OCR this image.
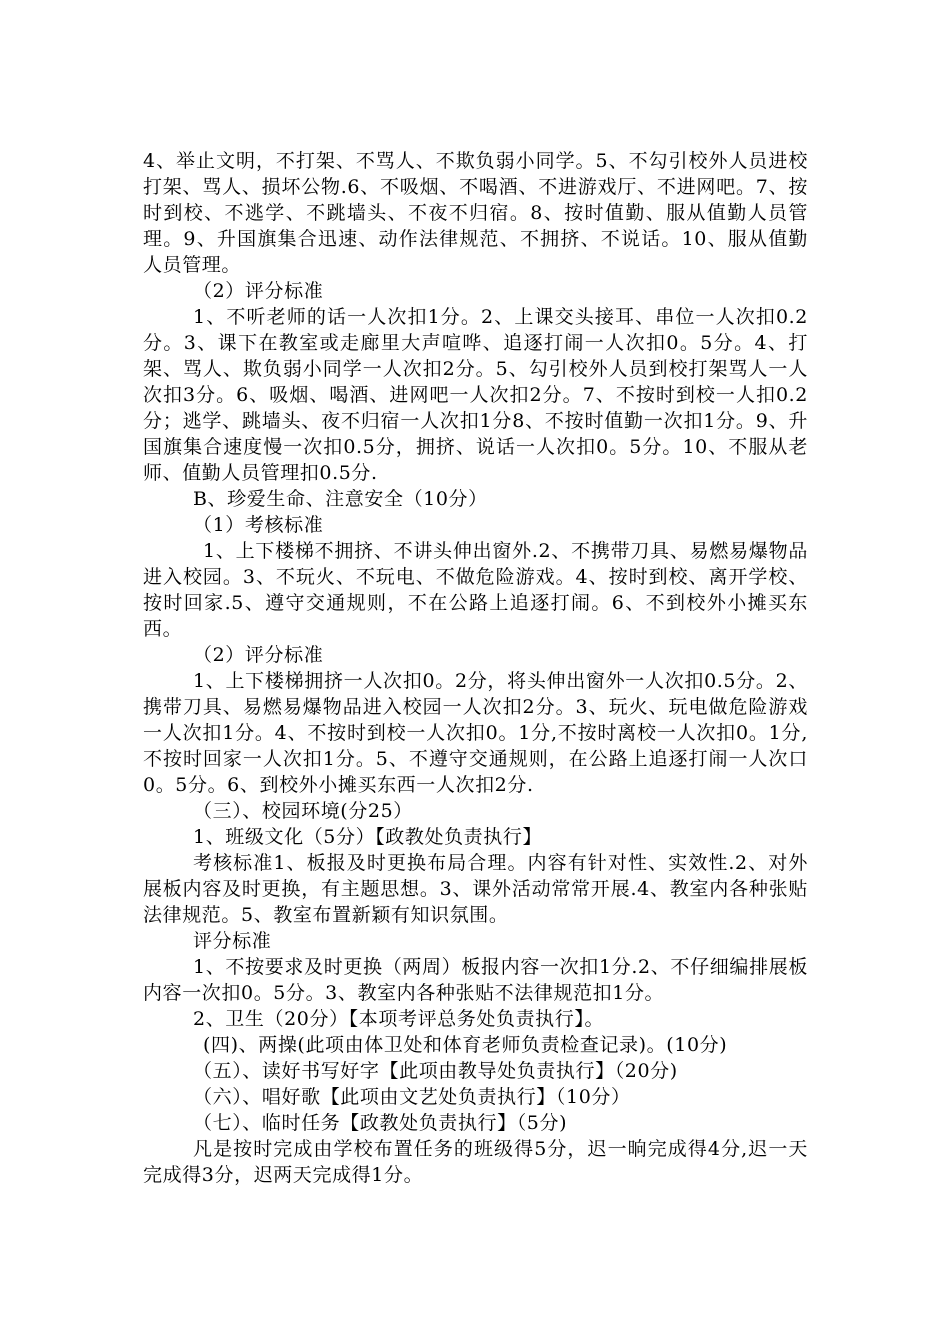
4、举止文明，不打架、不骂人、不欺负弱小同学。5、不勾引校外人员进校打架、骂人、损坏公物.6、不吸烟、不喝酒、不进游戏厅、不进网吧。7、按时到校、不逃学、不跳墙头、不夜不归宿。8、按时值勤、服从值勤人员管理。9、升国旗集合迅速、动作法律规范、不拥挤、不说话。10、服从值勤人员管理。

（2）评分标准

1、不听老师的话一人次扣1分。2、上课交头接耳、串位一人次扣0.2分。3、课下在教室或走廊里大声喧哗、追逐打闹一人次扣0。5分。4、打架、骂人、欺负弱小同学一人次扣2分。5、勾引校外人员到校打架骂人一人次扣3分。6、吸烟、喝酒、进网吧一人次扣2分。7、不按时到校一人扣0.2分；逃学、跳墙头、夜不归宿一人次扣1分8、不按时值勤一次扣1分。9、升国旗集合速度慢一次扣0.5分，拥挤、说话一人次扣0。5分。10、不服从老师、值勤人员管理扣0.5分.

B、珍爱生命、注意安全（10分）

（1）考核标准

1、上下楼梯不拥挤、不讲头伸出窗外.2、不携带刀具、易燃易爆物品进入校园。3、不玩火、不玩电、不做危险游戏。4、按时到校、离开学校、按时回家.5、遵守交通规则，不在公路上追逐打闹。6、不到校外小摊买东西。

（2）评分标准

1、上下楼梯拥挤一人次扣0。2分，将头伸出窗外一人次扣0.5分。2、携带刀具、易燃易爆物品进入校园一人次扣2分。3、玩火、玩电做危险游戏一人次扣1分。4、不按时到校一人次扣0。1分,不按时离校一人次扣0。1分,不按时回家一人次扣1分。5、不遵守交通规则，在公路上追逐打闹一人次口0。5分。6、到校外小摊买东西一人次扣2分.

（三）、校园环境(分25）

1、班级文化（5分）【政教处负责执行】

考核标准1、板报及时更换布局合理。内容有针对性、实效性.2、对外展板内容及时更换，有主题思想。3、课外活动常常开展.4、教室内各种张贴法律规范。5、教室布置新颖有知识氛围。

评分标准

1、不按要求及时更换（两周）板报内容一次扣1分.2、不仔细编排展板内容一次扣0。5分。3、教室内各种张贴不法律规范扣1分。

2、卫生（20分）【本项考评总务处负责执行】。

(四)、两操(此项由体卫处和体育老师负责检查记录)。(10分)

（五）、读好书写好字【此项由教导处负责执行】（20分)

（六）、唱好歌【此项由文艺处负责执行】（10分）

（七）、临时任务【政教处负责执行】（5分)

凡是按时完成由学校布置任务的班级得5分，迟一晌完成得4分,迟一天完成得3分，迟两天完成得1分。
